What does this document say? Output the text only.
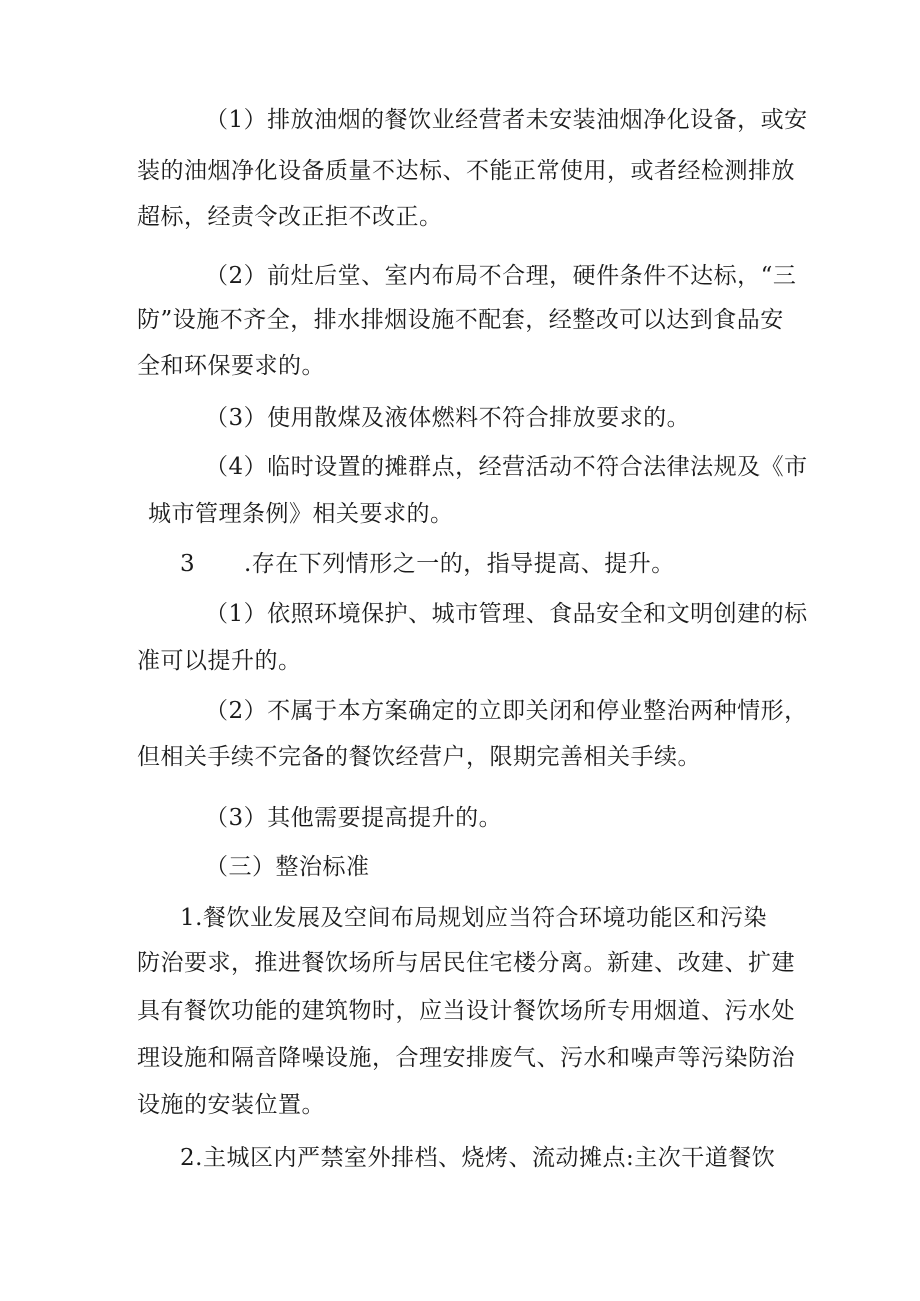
（1）排放油烟的餐饮业经营者未安装油烟净化设备，或安
装的油烟净化设备质量不达标、不能正常使用，或者经检测排放
超标，经责令改正拒不改正。
（2）前灶后堂、室内布局不合理，硬件条件不达标，“三
防”设施不齐全，排水排烟设施不配套，经整改可以达到食品安
全和环保要求的。
（3）使用散煤及液体燃料不符合排放要求的。
（4）临时设置的摊群点，经营活动不符合法律法规及《市
城市管理条例》相关要求的。
3 .存在下列情形之一的，指导提高、提升。
（1）依照环境保护、城市管理、食品安全和文明创建的标
准可以提升的。
（2）不属于本方案确定的立即关闭和停业整治两种情形，
但相关手续不完备的餐饮经营户，限期完善相关手续。
（3）其他需要提高提升的。
（三）整治标准
1.餐饮业发展及空间布局规划应当符合环境功能区和污染
防治要求，推进餐饮场所与居民住宅楼分离。新建、改建、扩建
具有餐饮功能的建筑物时，应当设计餐饮场所专用烟道、污水处
理设施和隔音降噪设施，合理安排废气、污水和噪声等污染防治
设施的安装位置。
2.主城区内严禁室外排档、烧烤、流动摊点:主次干道餐饮
